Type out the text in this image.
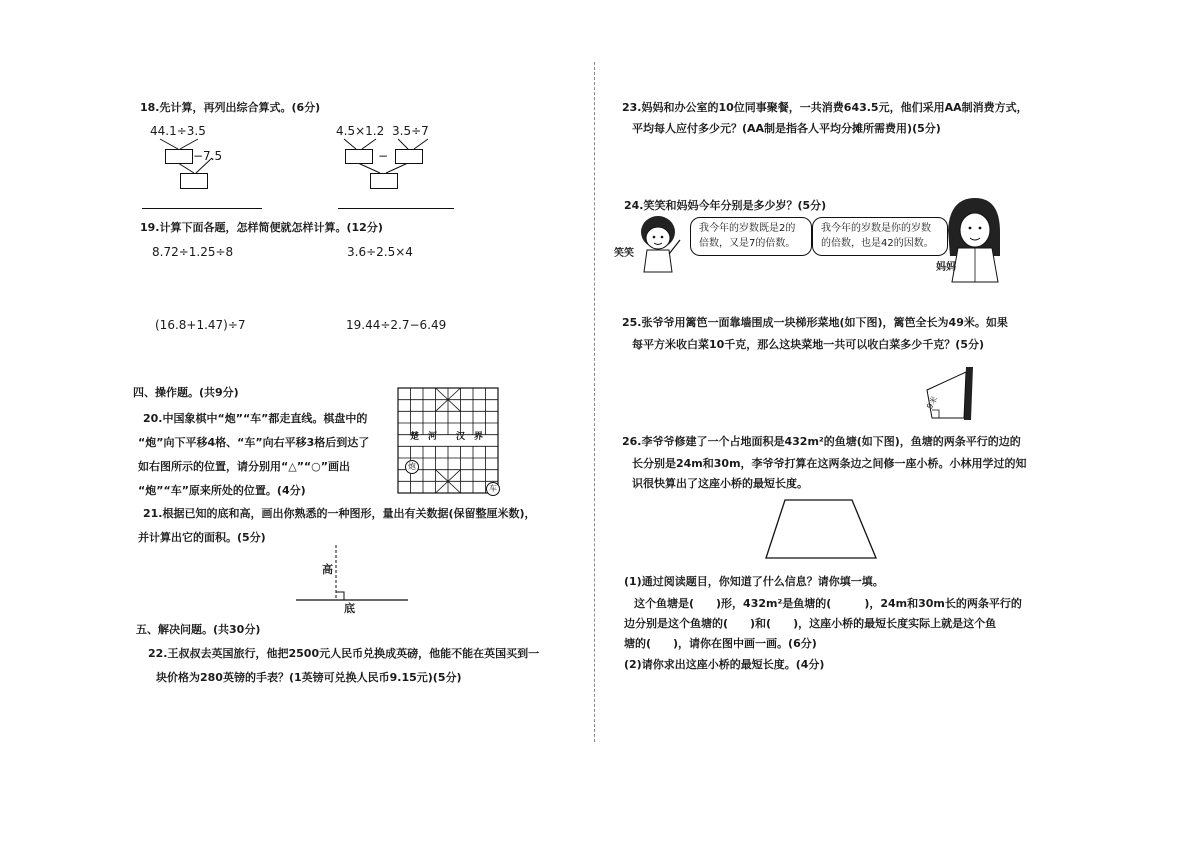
18.先计算，再列出综合算式。(6分)
44.1÷3.5
−7.5
4.5×1.2 3.5÷7
−
19.计算下面各题，怎样简便就怎样计算。(12分)
8.72÷1.25÷8	3.6÷2.5×4
(16.8+1.47)÷7	19.44÷2.7−6.49
四、操作题。(共9分)
20.中国象棋中“炮”“车”都走直线。棋盘中的
“炮”向下平移4格、“车”向右平移3格后到达了
如右图所示的位置，请分别用“△”“○”画出
“炮”“车”原来所处的位置。(4分)
楚　河 汉　界
炮
车
21.根据已知的底和高，画出你熟悉的一种图形，量出有关数据(保留整厘米数)，
并计算出它的面积。(5分)
高
底
五、解决问题。(共30分)
22.王叔叔去英国旅行，他把2500元人民币兑换成英磅，他能不能在英国买到一
块价格为280英镑的手表？(1英镑可兑换人民币9.15元)(5分)
23.妈妈和办公室的10位同事聚餐，一共消费643.5元，他们采用AA制消费方式，
平均每人应付多少元？(AA制是指各人平均分摊所需费用)(5分)
24.笑笑和妈妈今年分别是多少岁？(5分)
我今年的岁数既是2的倍数，又是7的倍数。
笑笑
我今年的岁数是你的岁数的倍数，也是42的因数。
妈妈
25.张爷爷用篱笆一面靠墙围成一块梯形菜地(如下图)，篱笆全长为49米。如果
每平方米收白菜10千克，那么这块菜地一共可以收白菜多少千克？(5分)
9米
26.李爷爷修建了一个占地面积是432m²的鱼塘(如下图)，鱼塘的两条平行的边的
长分别是24m和30m，李爷爷打算在这两条边之间修一座小桥。小林用学过的知
识很快算出了这座小桥的最短长度。
(1)通过阅读题目，你知道了什么信息？请你填一填。
这个鱼塘是(　　)形，432m²是鱼塘的(　　　)，24m和30m长的两条平行的
边分别是这个鱼塘的(　　)和(　　)，这座小桥的最短长度实际上就是这个鱼
塘的(　　)，请你在图中画一画。(6分)
(2)请你求出这座小桥的最短长度。(4分)
